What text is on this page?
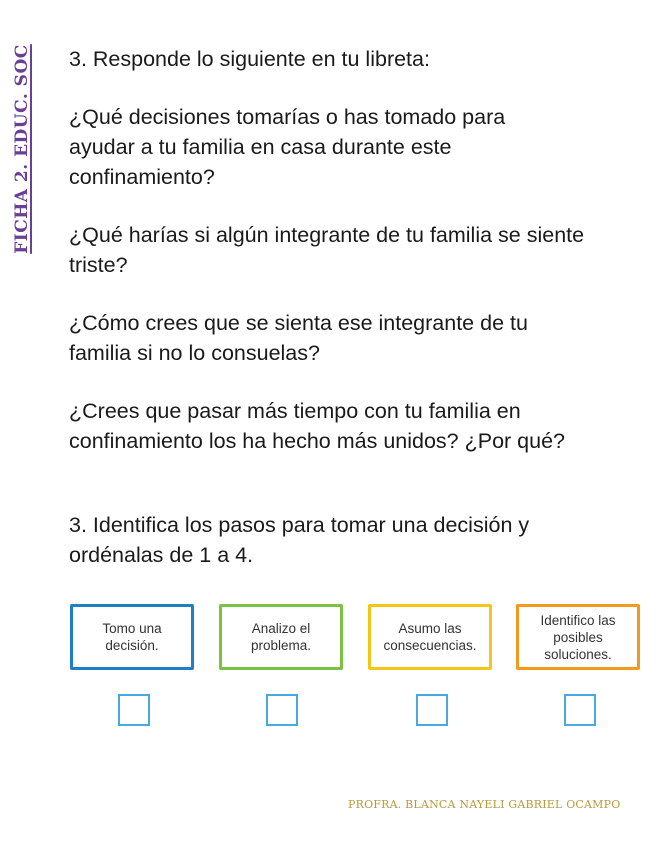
FICHA 2. EDUC. SOC 3. Responde lo siguiente en tu libreta:

¿Qué decisiones tomarías o has tomado para ayudar a tu familia en casa durante este confinamiento?

¿Qué harías si algún integrante de tu familia se siente triste?

¿Cómo crees que se sienta ese integrante de tu familia si no lo consuelas?

¿Crees que pasar más tiempo con tu familia en confinamiento los ha hecho más unidos? ¿Por qué?

3. Identifica los pasos para tomar una decisión y ordénalas de 1 a 4.

Tomo una decisión.
Analizo el problema.
Asumo las consecuencias.
Identifico las posibles soluciones.
PROFRA. BLANCA NAYELI GABRIEL OCAMPO
